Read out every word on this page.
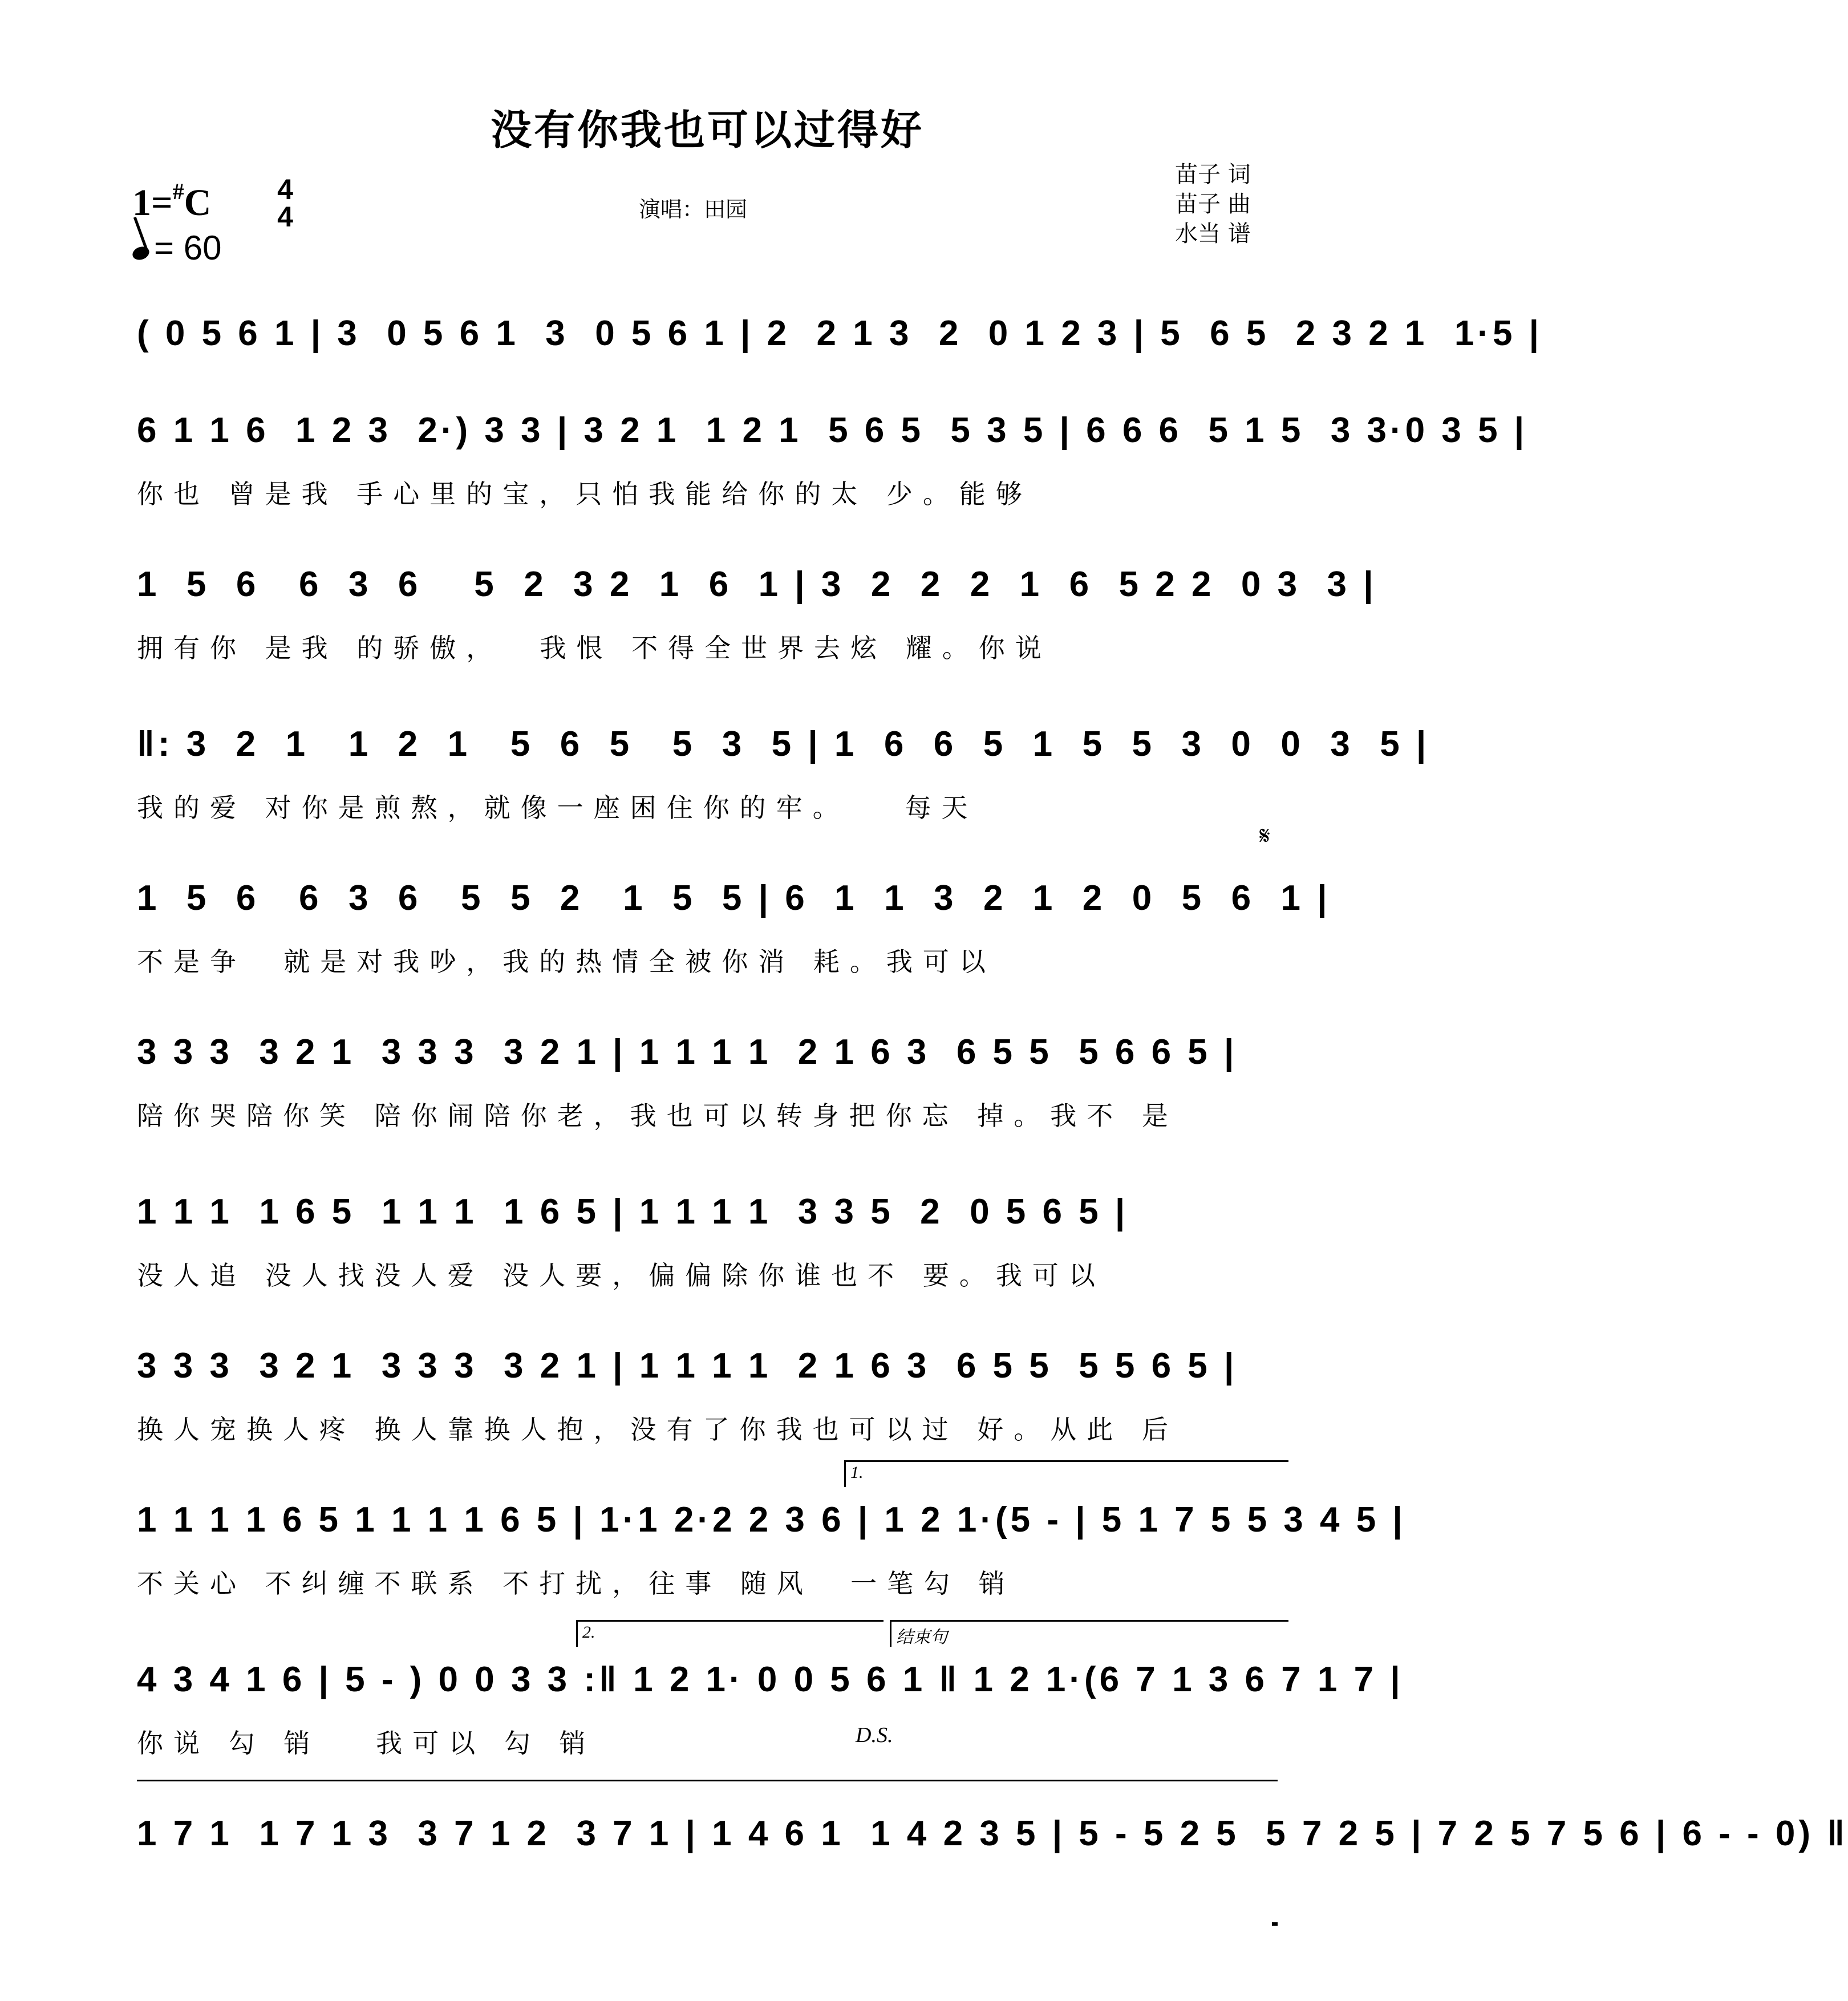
没有你我也可以过得好
1=#C 4
4
= 60
演唱：田园
苗子 词
苗子 曲
水当 谱
𝄋
( 0 5 6 1 | 3  0 5 6 1  3  0 5 6 1 | 2  2 1 3  2  0 1 2 3 | 5  6 5  2 3 2 1  1·5 |
6 1 1 6  1 2 3  2·) 3 3 | 3 2 1  1 2 1  5 6 5  5 3 5 | 6 6 6  5 1 5  3 3·0 3 5 |
你也 曾是我 手心里的宝，只怕我能给你的太 少。能够
1  5  6   6  3  6    5  2  3 2  1  6  1 | 3  2  2  2  1  6  5 2 2  0 3  3 |
拥有你 是我 的骄傲，  我恨 不得全世界去炫 耀。你说
‖: 3  2  1   1  2  1   5  6  5   5  3  5 | 1  6  6  5  1  5  5  3  0  0  3  5 |
我的爱 对你是煎熬，就像一座困住你的牢。   每天
1  5  6   6  3  6   5  5  2   1  5  5 | 6  1  1  3  2  1  2  0  5  6  1 |
不是争  就是对我吵，我的热情全被你消 耗。我可以
3 3 3  3 2 1  3 3 3  3 2 1 | 1 1 1 1  2 1 6 3  6 5 5  5 6 6 5 |
陪你哭陪你笑 陪你闹陪你老，我也可以转身把你忘 掉。我不 是
1 1 1  1 6 5  1 1 1  1 6 5 | 1 1 1 1  3 3 5  2  0 5 6 5 |
没人追 没人找没人爱 没人要，偏偏除你谁也不 要。我可以
3 3 3  3 2 1  3 3 3  3 2 1 | 1 1 1 1  2 1 6 3  6 5 5  5 5 6 5 |
换人宠换人疼 换人靠换人抱，没有了你我也可以过 好。从此 后
1.
1 1 1 1 6 5 1 1 1 1 6 5 | 1·1 2·2 2 3 6 | 1 2 1·(5 - | 5 1 7 5 5 3 4 5 |
不关心 不纠缠不联系 不打扰，往事 随风  一笔勾 销
2.	结束句
4 3 4 1 6 | 5 - ) 0 0 3 3 :‖ 1 2 1· 0 0 5 6 1 ‖ 1 2 1·(6 7 1 3 6 7 1 7 |
你说 勾 销   我可以 勾 销	D.S.
1 7 1  1 7 1 3  3 7 1 2  3 7 1 | 1 4 6 1  1 4 2 3 5 | 5 - 5 2 5  5 7 2 5 | 7 2 5 7 5 6 | 6 - - 0) ‖
